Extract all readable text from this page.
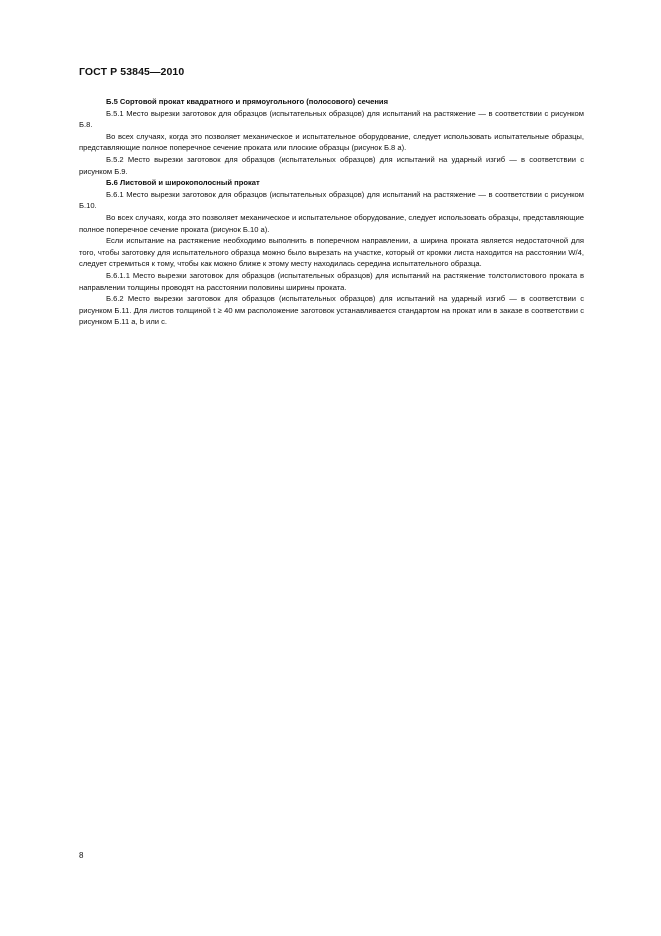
ГОСТ Р 53845—2010

Б.5 Сортовой прокат квадратного и прямоугольного (полосового) сечения

Б.5.1 Место вырезки заготовок для образцов (испытательных образцов) для испытаний на растяжение — в соответствии с рисунком Б.8.

Во всех случаях, когда это позволяет механическое и испытательное оборудование, следует использовать испытательные образцы, представляющие полное поперечное сечение проката или плоские образцы (рисунок Б.8 а).

Б.5.2 Место вырезки заготовок для образцов (испытательных образцов) для испытаний на ударный изгиб — в соответствии с рисунком Б.9.

Б.6 Листовой и широкополосный прокат

Б.6.1 Место вырезки заготовок для образцов (испытательных образцов) для испытаний на растяжение — в соответствии с рисунком Б.10.

Во всех случаях, когда это позволяет механическое и испытательное оборудование, следует использовать образцы, представляющие полное поперечное сечение проката (рисунок Б.10 а).

Если испытание на растяжение необходимо выполнить в поперечном направлении, а ширина проката является недостаточной для того, чтобы заготовку для испытательного образца можно было вырезать на участке, который от кромки листа находится на расстоянии W/4, следует стремиться к тому, чтобы как можно ближе к этому месту находилась середина испытательного образца.

Б.6.1.1 Место вырезки заготовок для образцов (испытательных образцов) для испытаний на растяжение толстолистового проката в направлении толщины проводят на расстоянии половины ширины проката.

Б.6.2 Место вырезки заготовок для образцов (испытательных образцов) для испытаний на ударный изгиб — в соответствии с рисунком Б.11. Для листов толщиной t ≥ 40 мм расположение заготовок устанавливается стандартом на прокат или в заказе в соответствии с рисунком Б.11 a, b или c.

8
